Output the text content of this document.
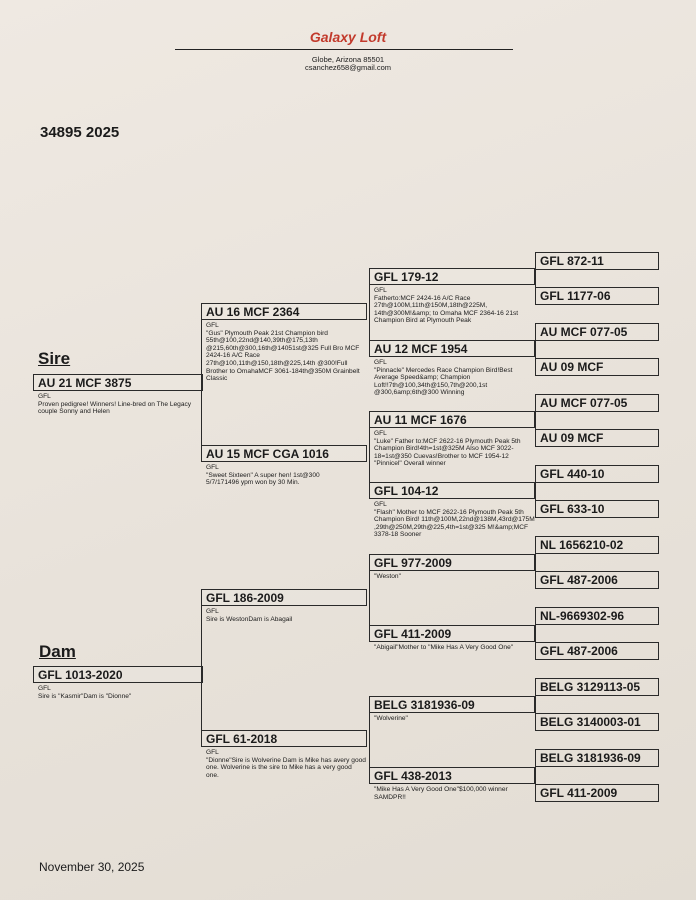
Galaxy Loft
Globe, Arizona 85501
csanchez658@gmail.com
34895 2025
Sire
Dam
AU 21 MCF 3875
GFL
Proven pedigree! Winners! Line-bred on The Legacy couple Sonny and Helen
GFL 1013-2020
GFL
Sire is "Kasmir"Dam is "Dionne"
AU 16 MCF 2364
GFL
"Gus" Plymouth Peak 21st Champion bird
55th@100,22nd@140,39th@175,13th @215,60th@300,16th@14051st@325 Full Bro MCF 2424-16 A/C Race 27th@100,11th@150,18th@225,14th @300!Full Brother to OmahaMCF 3061-184th@350M Grainbelt Classic
AU 15 MCF CGA 1016
GFL
"Sweet Sixteen" A super hen! 1st@300 5/7/171496 ypm won by 30 Min.
GFL 186-2009
GFL
Sire is WestonDam is Abagail
GFL 61-2018
GFL
"Dionne"Sire is Wolverine Dam is Mike has avery good one. Wolverine is the sire to Mike has a very good one.
GFL 179-12
GFL
Fatherto:MCF 2424-16 A/C Race 27th@100M,11th@150M,18th@225M, 14th@300M!&amp; to Omaha MCF 2364-16 21st Champion Bird at Plymouth Peak
AU 12 MCF 1954
GFL
"Pinnacle" Mercedes Race Champion Bird!Best Average Speed&amp; Champion Loft!!7th@100,34th@150,7th@200,1st @300,6amp;6th@300 Winning
AU 11 MCF 1676
GFL
"Luke" Father to:MCF 2622-16 Plymouth Peak 5th Champion Bird!4th=1st@325M Also MCF 3022-18=1st@350 Cuevas!Brother to MCF 1954-12 "Pinnicel" Overall winner
GFL 104-12
GFL
"Flash" Mother to MCF 2622-16 Plymouth Peak 5th Champion Bird! 11th@100M,22nd@138M,43rd@175M ,29th@250M,29th@225,4th=1st@325 M!&amp;MCF 3378-18 Sooner
GFL 977-2009
"Weston"
GFL 411-2009
"Abigail"Mother to "Mike Has A Very Good One"
BELG 3181936-09
"Wolverine"
GFL 438-2013
"Mike Has A Very Good One"$100,000 winner SAMDPR!!
GFL 872-11
GFL 1177-06
AU MCF 077-05
AU 09 MCF
AU MCF 077-05
AU 09 MCF
GFL 440-10
GFL 633-10
NL 1656210-02
GFL 487-2006
NL-9669302-96
GFL 487-2006
BELG 3129113-05
BELG 3140003-01
BELG 3181936-09
GFL 411-2009
November 30, 2025
